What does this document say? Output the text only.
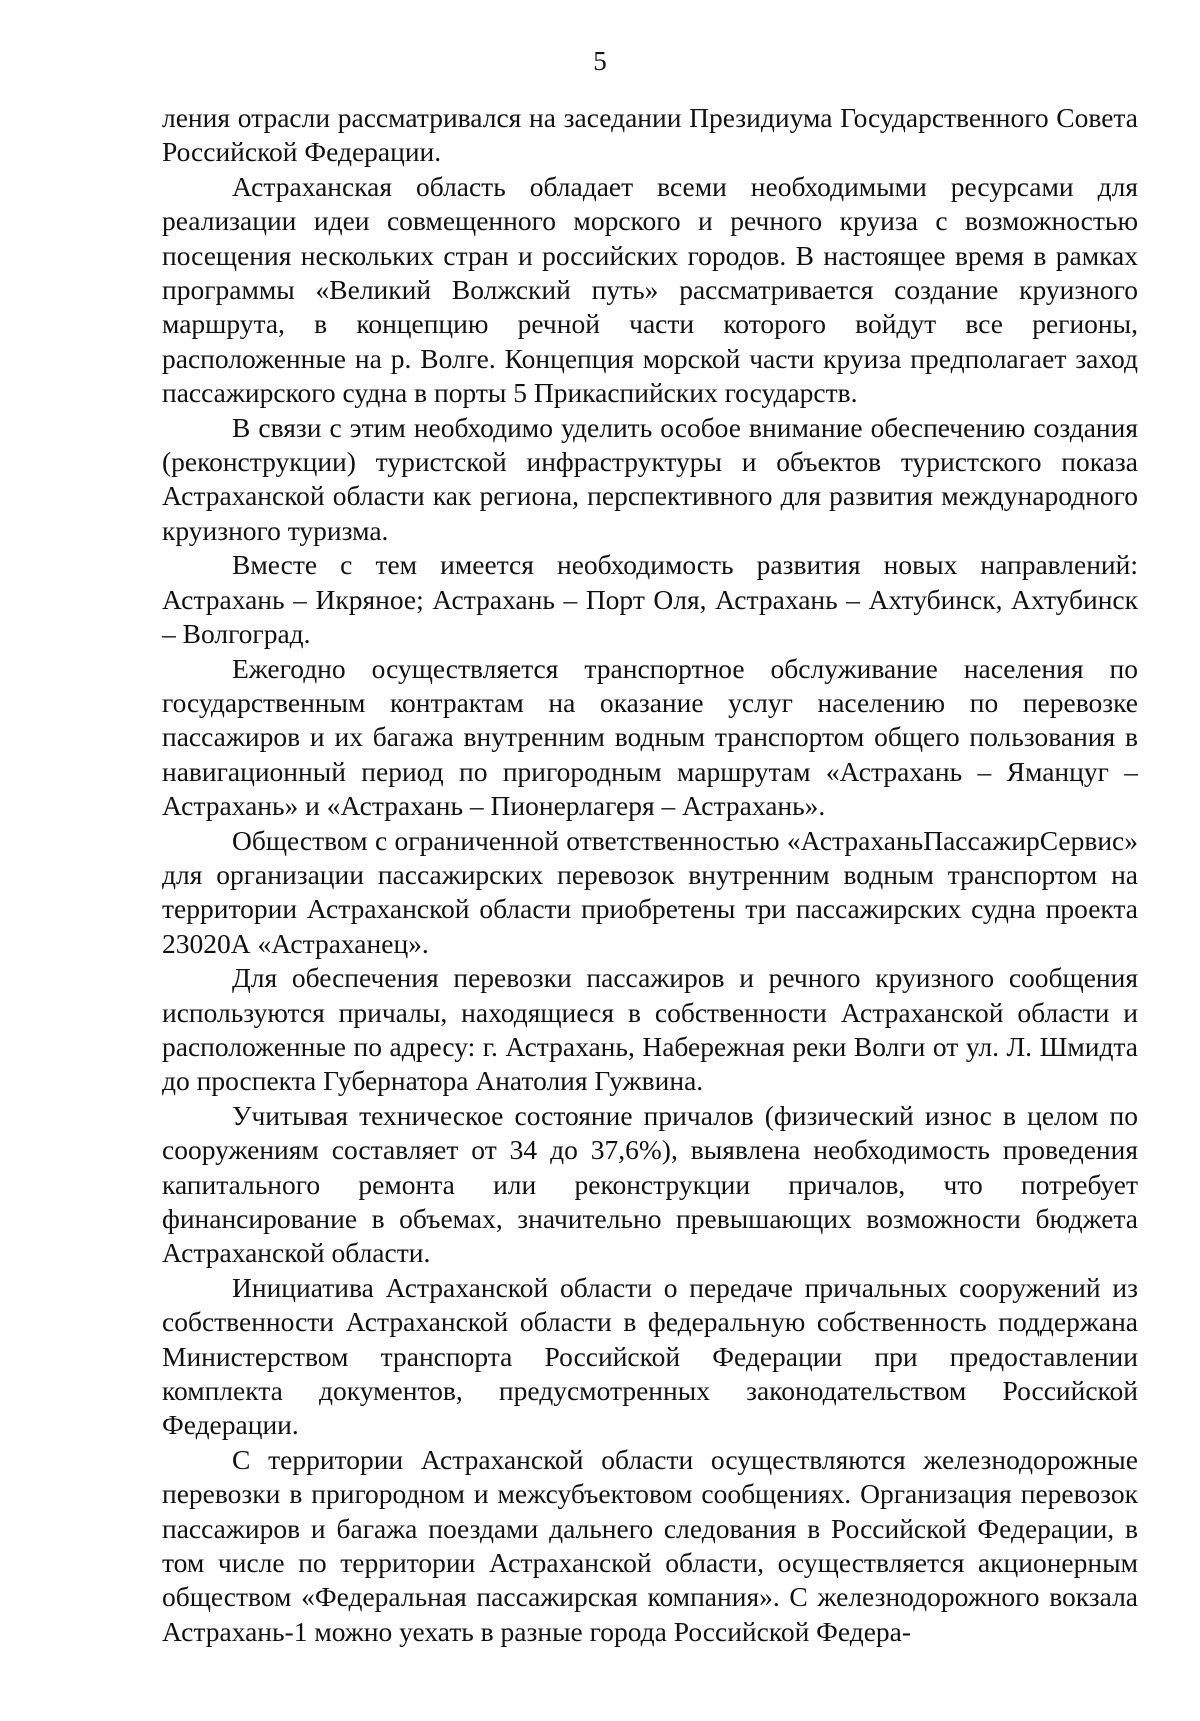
5

ления отрасли рассматривался на заседании Президиума Государственного Совета Российской Федерации.

Астраханская область обладает всеми необходимыми ресурсами для реализации идеи совмещенного морского и речного круиза с возможностью посещения нескольких стран и российских городов. В настоящее время в рамках программы «Великий Волжский путь» рассматривается создание круизного маршрута, в концепцию речной части которого войдут все регионы, расположенные на р. Волге. Концепция морской части круиза предполагает заход пассажирского судна в порты 5 Прикаспийских государств.

В связи с этим необходимо уделить особое внимание обеспечению создания (реконструкции) туристской инфраструктуры и объектов туристского показа Астраханской области как региона, перспективного для развития международного круизного туризма.

Вместе с тем имеется необходимость развития новых направлений: Астрахань – Икряное; Астрахань – Порт Оля, Астрахань – Ахтубинск, Ахтубинск – Волгоград.

Ежегодно осуществляется транспортное обслуживание населения по государственным контрактам на оказание услуг населению по перевозке пассажиров и их багажа внутренним водным транспортом общего пользования в навигационный период по пригородным маршрутам «Астрахань – Яманцуг – Астрахань» и «Астрахань – Пионерлагеря – Астрахань».

Обществом с ограниченной ответственностью «АстраханьПассажирСервис» для организации пассажирских перевозок внутренним водным транспортом на территории Астраханской области приобретены три пассажирских судна проекта 23020А «Астраханец».

Для обеспечения перевозки пассажиров и речного круизного сообщения используются причалы, находящиеся в собственности Астраханской области и расположенные по адресу: г. Астрахань, Набережная реки Волги от ул. Л. Шмидта до проспекта Губернатора Анатолия Гужвина.

Учитывая техническое состояние причалов (физический износ в целом по сооружениям составляет от 34 до 37,6%), выявлена необходимость проведения капитального ремонта или реконструкции причалов, что потребует финансирование в объемах, значительно превышающих возможности бюджета Астраханской области.

Инициатива Астраханской области о передаче причальных сооружений из собственности Астраханской области в федеральную собственность поддержана Министерством транспорта Российской Федерации при предоставлении комплекта документов, предусмотренных законодательством Российской Федерации.

С территории Астраханской области осуществляются железнодорожные перевозки в пригородном и межсубъектовом сообщениях. Организация перевозок пассажиров и багажа поездами дальнего следования в Российской Федерации, в том числе по территории Астраханской области, осуществляется акционерным обществом «Федеральная пассажирская компания». С железнодорожного вокзала Астрахань-1 можно уехать в разные города Российской Федера-
